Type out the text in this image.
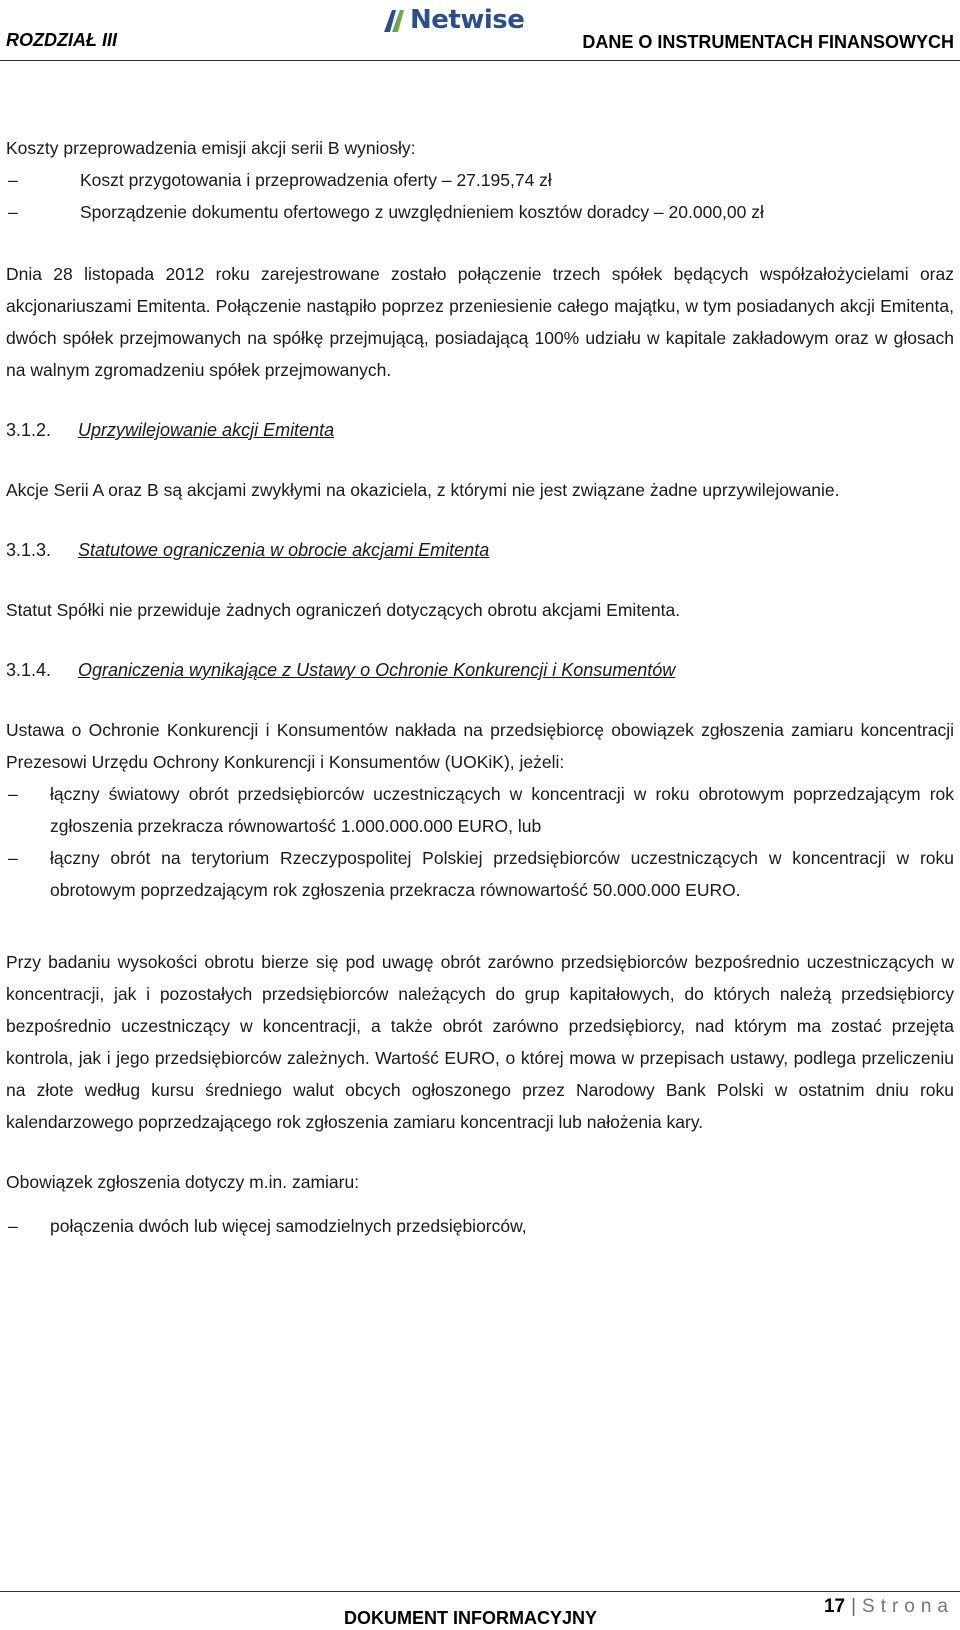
ROZDZIAŁ III
Netwise
DANE O INSTRUMENTACH FINANSOWYCH

Koszty przeprowadzenia emisji akcji serii B wyniosły:

–	Koszt przygotowania i przeprowadzenia oferty – 27.195,74 zł
–	Sporządzenie dokumentu ofertowego z uwzględnieniem kosztów doradcy – 20.000,00 zł

Dnia 28 listopada 2012 roku zarejestrowane zostało połączenie trzech spółek będących współzałożycielami oraz akcjonariuszami Emitenta. Połączenie nastąpiło poprzez przeniesienie całego majątku, w tym posiadanych akcji Emitenta, dwóch spółek przejmowanych na spółkę przejmującą, posiadającą 100% udziału w kapitale zakładowym oraz w głosach na walnym zgromadzeniu spółek przejmowanych.

3.1.2.	Uprzywilejowanie akcji Emitenta

Akcje Serii A oraz B są akcjami zwykłymi na okaziciela, z którymi nie jest związane żadne uprzywilejowanie.

3.1.3.	Statutowe ograniczenia w obrocie akcjami Emitenta

Statut Spółki nie przewiduje żadnych ograniczeń dotyczących obrotu akcjami Emitenta.

3.1.4.	Ograniczenia wynikające z Ustawy o Ochronie Konkurencji i Konsumentów

Ustawa o Ochronie Konkurencji i Konsumentów nakłada na przedsiębiorcę obowiązek zgłoszenia zamiaru koncentracji Prezesowi Urzędu Ochrony Konkurencji i Konsumentów (UOKiK), jeżeli:

–	łączny światowy obrót przedsiębiorców uczestniczących w koncentracji w roku obrotowym poprzedzającym rok zgłoszenia przekracza równowartość 1.000.000.000 EURO, lub
–	łączny obrót na terytorium Rzeczypospolitej Polskiej przedsiębiorców uczestniczących w koncentracji w roku obrotowym poprzedzającym rok zgłoszenia przekracza równowartość 50.000.000 EURO.

Przy badaniu wysokości obrotu bierze się pod uwagę obrót zarówno przedsiębiorców bezpośrednio uczestniczących w koncentracji, jak i pozostałych przedsiębiorców należących do grup kapitałowych, do których należą przedsiębiorcy bezpośrednio uczestniczący w koncentracji, a także obrót zarówno przedsiębiorcy, nad którym ma zostać przejęta kontrola, jak i jego przedsiębiorców zależnych. Wartość EURO, o której mowa w przepisach ustawy, podlega przeliczeniu na złote według kursu średniego walut obcych ogłoszonego przez Narodowy Bank Polski w ostatnim dniu roku kalendarzowego poprzedzającego rok zgłoszenia zamiaru koncentracji lub nałożenia kary.

Obowiązek zgłoszenia dotyczy m.in. zamiaru:

–	połączenia dwóch lub więcej samodzielnych przedsiębiorców,
DOKUMENT INFORMACYJNY
17 | Strona
